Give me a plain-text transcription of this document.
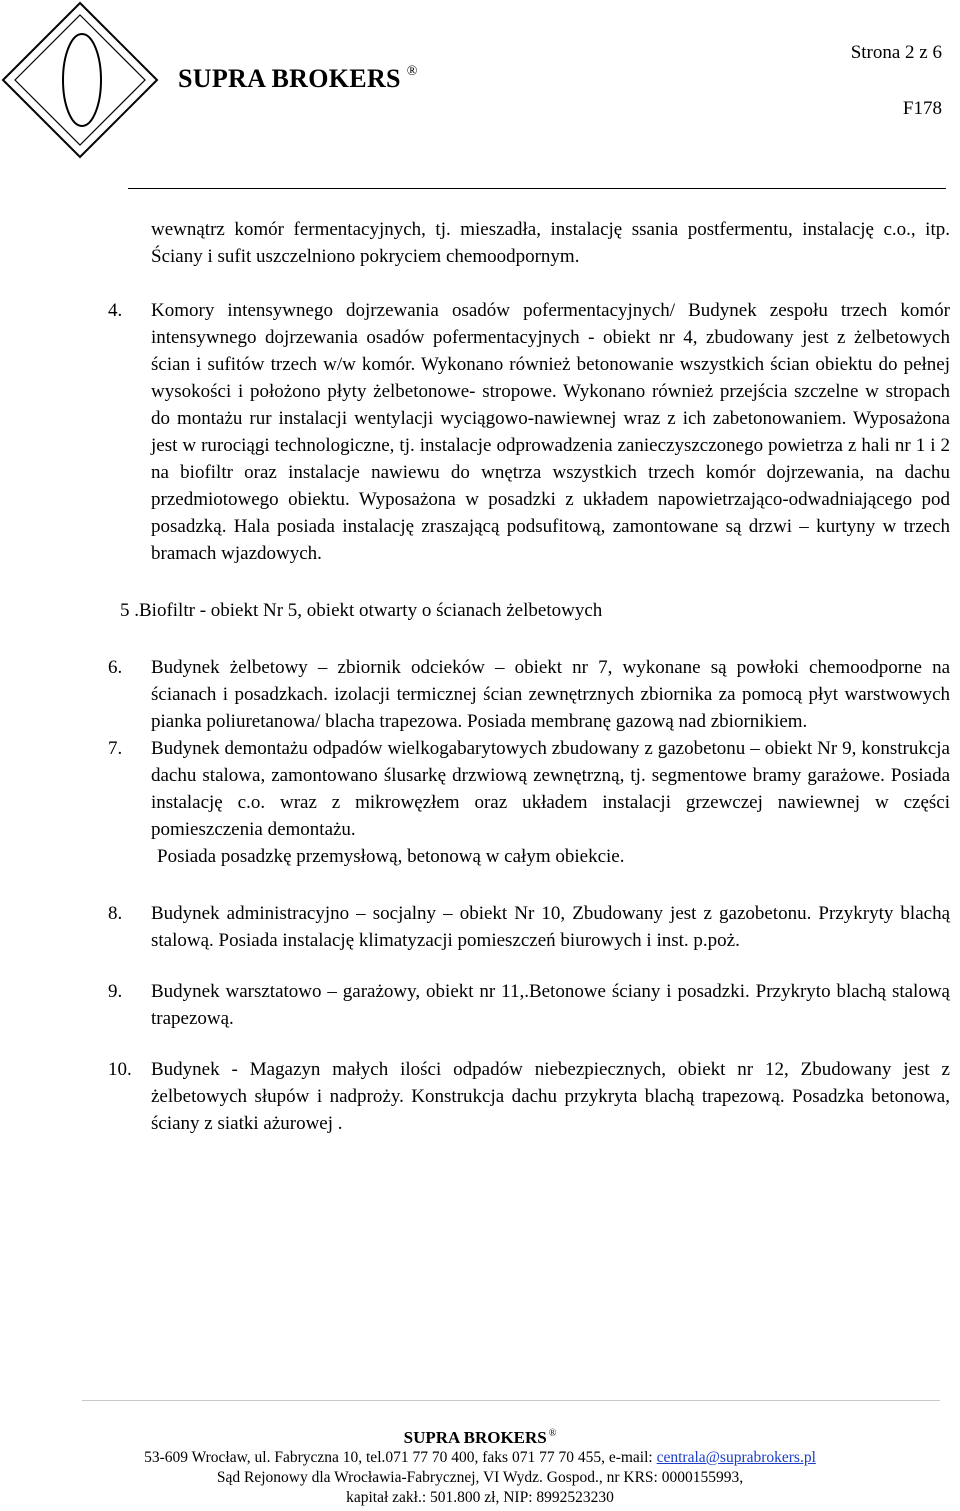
SUPRA BROKERS ®
Strona 2 z 6
F178

wewnątrz komór fermentacyjnych, tj. mieszadła, instalację ssania postfermentu, instalację c.o., itp. Ściany i sufit uszczelniono pokryciem chemoodpornym.

4.	Komory intensywnego dojrzewania osadów pofermentacyjnych/ Budynek zespołu trzech komór intensywnego dojrzewania osadów pofermentacyjnych - obiekt nr 4, zbudowany jest z żelbetowych ścian i sufitów trzech w/w komór. Wykonano również betonowanie wszystkich ścian obiektu do pełnej wysokości i położono płyty żelbetonowe- stropowe. Wykonano również przejścia szczelne w stropach do montażu rur instalacji wentylacji wyciągowo-nawiewnej wraz z ich zabetonowaniem. Wyposażona jest w rurociągi technologiczne, tj. instalacje odprowadzenia zanieczyszczonego powietrza z hali nr 1 i 2 na biofiltr oraz instalacje nawiewu do wnętrza wszystkich trzech komór dojrzewania, na dachu przedmiotowego obiektu. Wyposażona w posadzki z układem napowietrzająco-odwadniającego pod posadzką. Hala posiada instalację zraszającą podsufitową, zamontowane są drzwi – kurtyny w trzech bramach wjazdowych.

5 .Biofiltr - obiekt Nr 5, obiekt otwarty o ścianach żelbetowych

6.	Budynek żelbetowy – zbiornik odcieków – obiekt nr 7, wykonane są powłoki chemoodporne na ścianach i posadzkach. izolacji termicznej ścian zewnętrznych zbiornika za pomocą płyt warstwowych pianka poliuretanowa/ blacha trapezowa. Posiada membranę gazową nad zbiornikiem.

7.	Budynek demontażu odpadów wielkogabarytowych zbudowany z gazobetonu – obiekt Nr 9, konstrukcja dachu stalowa, zamontowano ślusarkę drzwiową zewnętrzną, tj. segmentowe bramy garażowe. Posiada instalację c.o. wraz z mikrowęzłem oraz układem instalacji grzewczej nawiewnej w części pomieszczenia demontażu.

Posiada posadzkę przemysłową, betonową w całym obiekcie.

8.	Budynek administracyjno – socjalny – obiekt Nr 10, Zbudowany jest z gazobetonu. Przykryty blachą stalową. Posiada instalację klimatyzacji pomieszczeń biurowych i inst. p.poż.

9.	Budynek warsztatowo – garażowy, obiekt nr 11,.Betonowe ściany i posadzki. Przykryto blachą stalową trapezową.

10.	Budynek - Magazyn małych ilości odpadów niebezpiecznych, obiekt nr 12, Zbudowany jest z żelbetowych słupów i nadproży. Konstrukcja dachu przykryta blachą trapezową. Posadzka betonowa, ściany z siatki ażurowej .

SUPRA BROKERS ®
53-609 Wrocław, ul. Fabryczna 10, tel.071 77 70 400, faks 071 77 70 455, e-mail: centrala@suprabrokers.pl
Sąd Rejonowy dla Wrocławia-Fabrycznej, VI Wydz. Gospod., nr KRS: 0000155993,
kapitał zakł.: 501.800 zł, NIP: 8992523230
